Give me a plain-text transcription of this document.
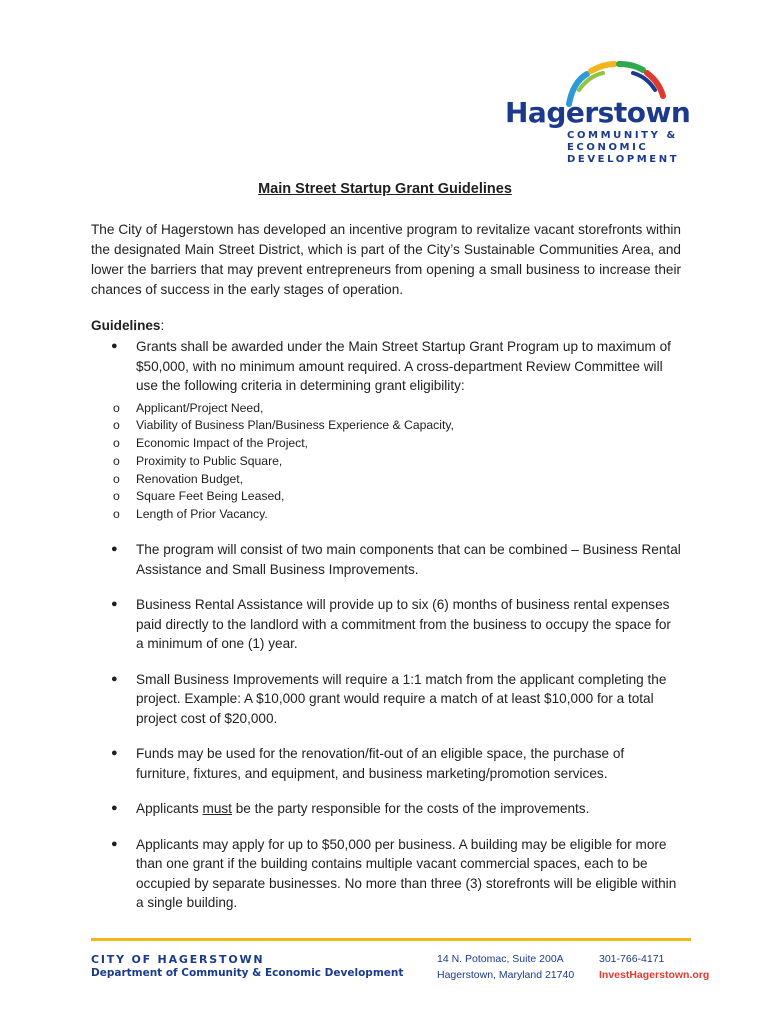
Hagerstown
COMMUNITY &
ECONOMIC
DEVELOPMENT
Main Street Startup Grant Guidelines
The City of Hagerstown has developed an incentive program to revitalize vacant storefronts within the designated Main Street District, which is part of the City’s Sustainable Communities Area, and lower the barriers that may prevent entrepreneurs from opening a small business to increase their chances of success in the early stages of operation.
Guidelines:
● Grants shall be awarded under the Main Street Startup Grant Program up to maximum of $50,000, with no minimum amount required. A cross-department Review Committee will use the following criteria in determining grant eligibility:
o Applicant/Project Need,
o Viability of Business Plan/Business Experience & Capacity,
o Economic Impact of the Project,
o Proximity to Public Square,
o Renovation Budget,
o Square Feet Being Leased,
o Length of Prior Vacancy.
● The program will consist of two main components that can be combined – Business Rental Assistance and Small Business Improvements.
● Business Rental Assistance will provide up to six (6) months of business rental expenses paid directly to the landlord with a commitment from the business to occupy the space for a minimum of one (1) year.
● Small Business Improvements will require a 1:1 match from the applicant completing the project. Example: A $10,000 grant would require a match of at least $10,000 for a total project cost of $20,000.
● Funds may be used for the renovation/fit-out of an eligible space, the purchase of furniture, fixtures, and equipment, and business marketing/promotion services.
● Applicants must be the party responsible for the costs of the improvements.
● Applicants may apply for up to $50,000 per business. A building may be eligible for more than one grant if the building contains multiple vacant commercial spaces, each to be occupied by separate businesses. No more than three (3) storefronts will be eligible within a single building.
CITY OF HAGERSTOWN
Department of Community & Economic Development
14 N. Potomac, Suite 200A
Hagerstown, Maryland 21740
301-766-4171
InvestHagerstown.org
